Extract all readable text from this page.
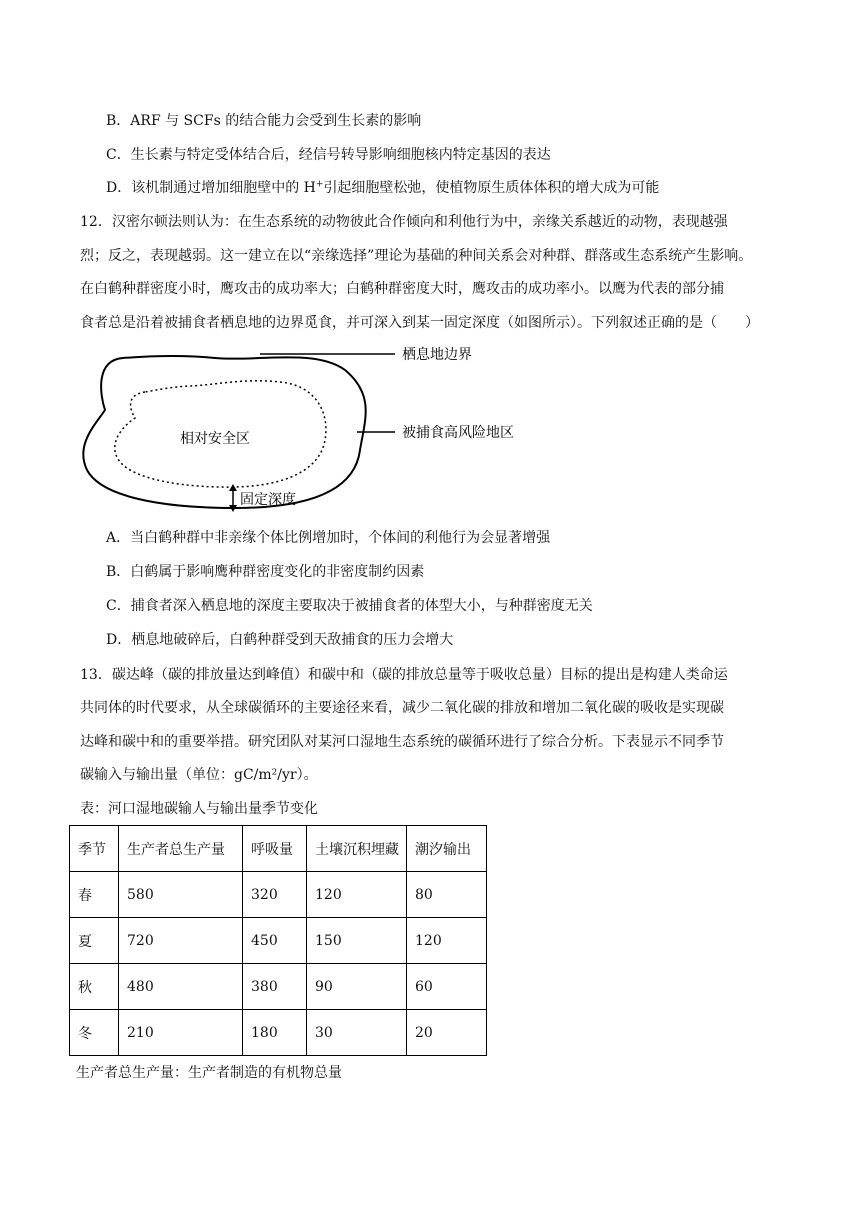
B．ARF 与 SCFs 的结合能力会受到生长素的影响
C．生长素与特定受体结合后，经信号转导影响细胞核内特定基因的表达
D．该机制通过增加细胞壁中的 H+引起细胞壁松弛，使植物原生质体体积的增大成为可能
12．汉密尔顿法则认为：在生态系统的动物彼此合作倾向和利他行为中，亲缘关系越近的动物，表现越强
烈；反之，表现越弱。这一建立在以“亲缘选择”理论为基础的种间关系会对种群、群落或生态系统产生影响。
在白鹤种群密度小时，鹰攻击的成功率大；白鹤种群密度大时，鹰攻击的成功率小。以鹰为代表的部分捕
食者总是沿着被捕食者栖息地的边界觅食，并可深入到某一固定深度（如图所示）。下列叙述正确的是（　　）
相对安全区
栖息地边界
被捕食高风险地区
固定深度
A．当白鹤种群中非亲缘个体比例增加时，个体间的利他行为会显著增强
B．白鹤属于影响鹰种群密度变化的非密度制约因素
C．捕食者深入栖息地的深度主要取决于被捕食者的体型大小，与种群密度无关
D．栖息地破碎后，白鹤种群受到天敌捕食的压力会增大
13．碳达峰（碳的排放量达到峰值）和碳中和（碳的排放总量等于吸收总量）目标的提出是构建人类命运
共同体的时代要求，从全球碳循环的主要途径来看，减少二氧化碳的排放和增加二氧化碳的吸收是实现碳
达峰和碳中和的重要举措。研究团队对某河口湿地生态系统的碳循环进行了综合分析。下表显示不同季节
碳输入与输出量（单位：gC/m²/yr）。
表：河口湿地碳输人与输出量季节变化
季节	生产者总生产量	呼吸量	土壤沉积埋藏	潮汐输出
春	580	320	120	80
夏	720	450	150	120
秋	480	380	90	60
冬	210	180	30	20
生产者总生产量：生产者制造的有机物总量
